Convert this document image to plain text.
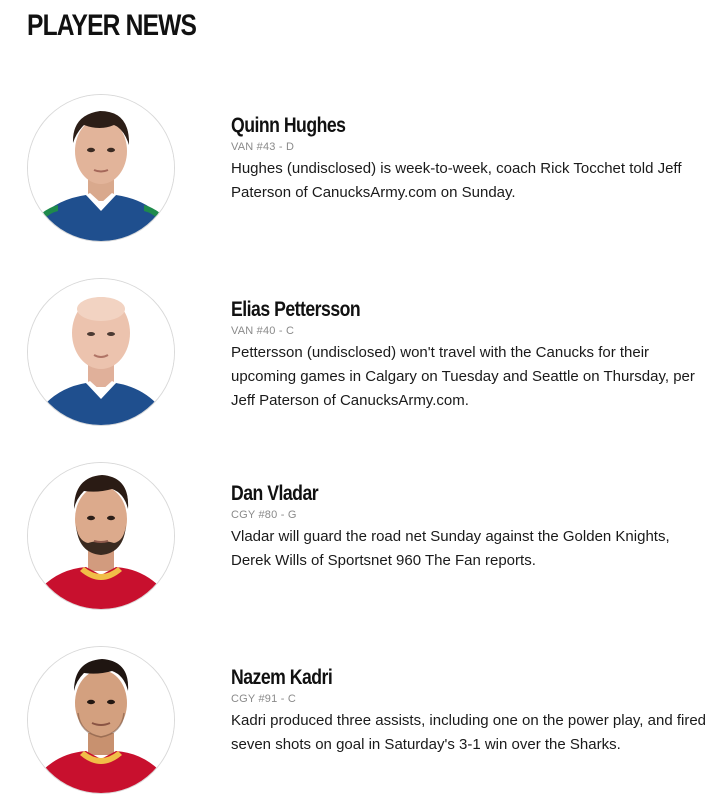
PLAYER NEWS
Quinn Hughes
VAN #43 - D
Hughes (undisclosed) is week-to-week, coach Rick Tocchet told Jeff Paterson of CanucksArmy.com on Sunday.
Elias Pettersson
VAN #40 - C
Pettersson (undisclosed) won't travel with the Canucks for their upcoming games in Calgary on Tuesday and Seattle on Thursday, per Jeff Paterson of CanucksArmy.com.
Dan Vladar
CGY #80 - G
Vladar will guard the road net Sunday against the Golden Knights, Derek Wills of Sportsnet 960 The Fan reports.
Nazem Kadri
CGY #91 - C
Kadri produced three assists, including one on the power play, and fired seven shots on goal in Saturday's 3-1 win over the Sharks.
